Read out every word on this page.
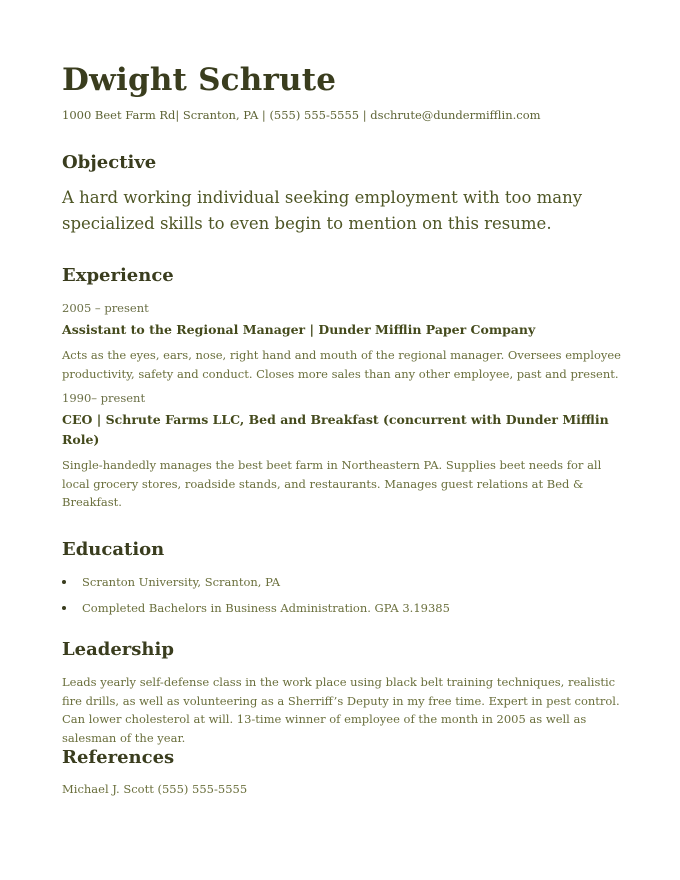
Dwight Schrute
1000 Beet Farm Rd| Scranton, PA | (555) 555-5555 | dschrute@dundermifflin.com
Objective
A hard working individual seeking employment with too many specialized skills to even begin to mention on this resume.
Experience
2005 – present
Assistant to the Regional Manager | Dunder Mifflin Paper Company
Acts as the eyes, ears, nose, right hand and mouth of the regional manager. Oversees employee productivity, safety and conduct. Closes more sales than any other employee, past and present.
1990– present
CEO | Schrute Farms LLC, Bed and Breakfast (concurrent with Dunder Mifflin Role)
Single-handedly manages the best beet farm in Northeastern PA. Supplies beet needs for all local grocery stores, roadside stands, and restaurants. Manages guest relations at Bed & Breakfast.
Education
Scranton University, Scranton, PA
Completed Bachelors in Business Administration. GPA 3.19385
Leadership
Leads yearly self-defense class in the work place using black belt training techniques, realistic fire drills, as well as volunteering as a Sherriff’s Deputy in my free time. Expert in pest control. Can lower cholesterol at will. 13-time winner of employee of the month in 2005 as well as salesman of the year.
References
Michael J. Scott (555) 555-5555
